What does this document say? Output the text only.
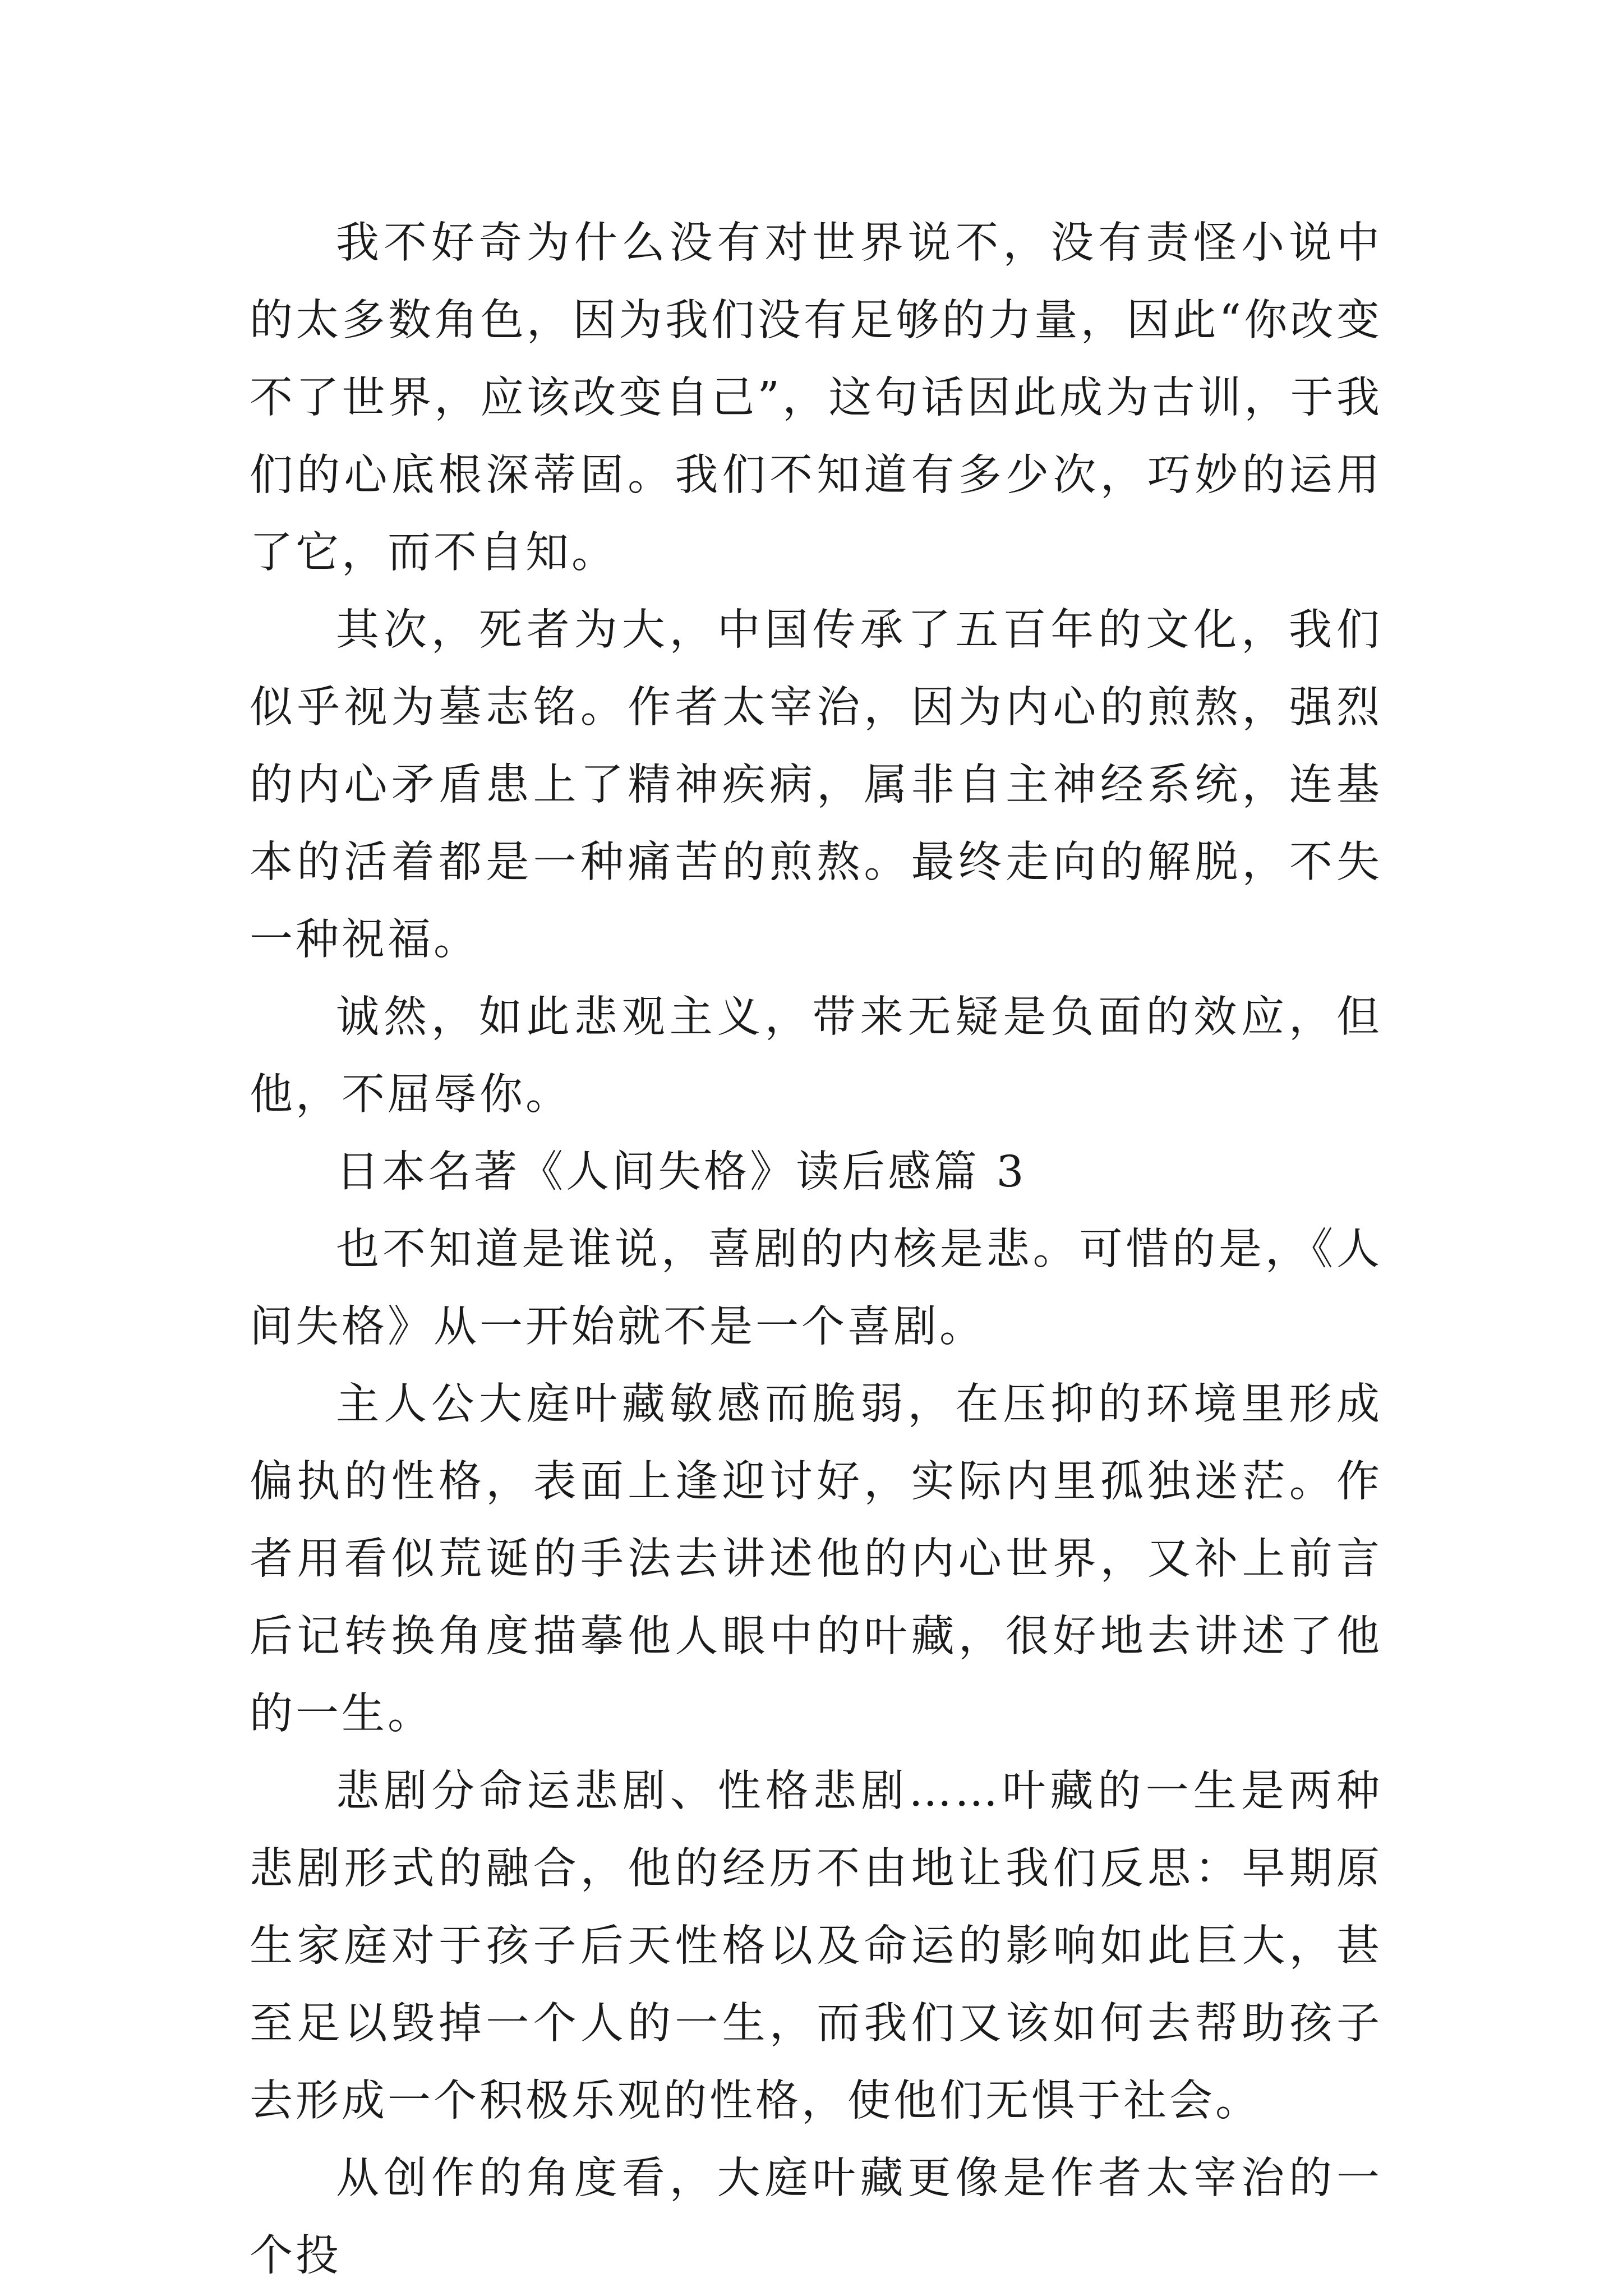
我不好奇为什么没有对世界说不，没有责怪小说中的太多数角色，因为我们没有足够的力量，因此“你改变不了世界，应该改变自己”，这句话因此成为古训，于我们的心底根深蒂固。我们不知道有多少次，巧妙的运用了它，而不自知。

其次，死者为大，中国传承了五百年的文化，我们似乎视为墓志铭。作者太宰治，因为内心的煎熬，强烈的内心矛盾患上了精神疾病，属非自主神经系统，连基本的活着都是一种痛苦的煎熬。最终走向的解脱，不失一种祝福。

诚然，如此悲观主义，带来无疑是负面的效应，但他，不屈辱你。

日本名著《人间失格》读后感篇 3

也不知道是谁说，喜剧的内核是悲。可惜的是，《人间失格》从一开始就不是一个喜剧。

主人公大庭叶藏敏感而脆弱，在压抑的环境里形成偏执的性格，表面上逢迎讨好，实际内里孤独迷茫。作者用看似荒诞的手法去讲述他的内心世界，又补上前言后记转换角度描摹他人眼中的叶藏，很好地去讲述了他的一生。

悲剧分命运悲剧、性格悲剧……叶藏的一生是两种悲剧形式的融合，他的经历不由地让我们反思：早期原生家庭对于孩子后天性格以及命运的影响如此巨大，甚至足以毁掉一个人的一生，而我们又该如何去帮助孩子去形成一个积极乐观的性格，使他们无惧于社会。

从创作的角度看，大庭叶藏更像是作者太宰治的一个投
